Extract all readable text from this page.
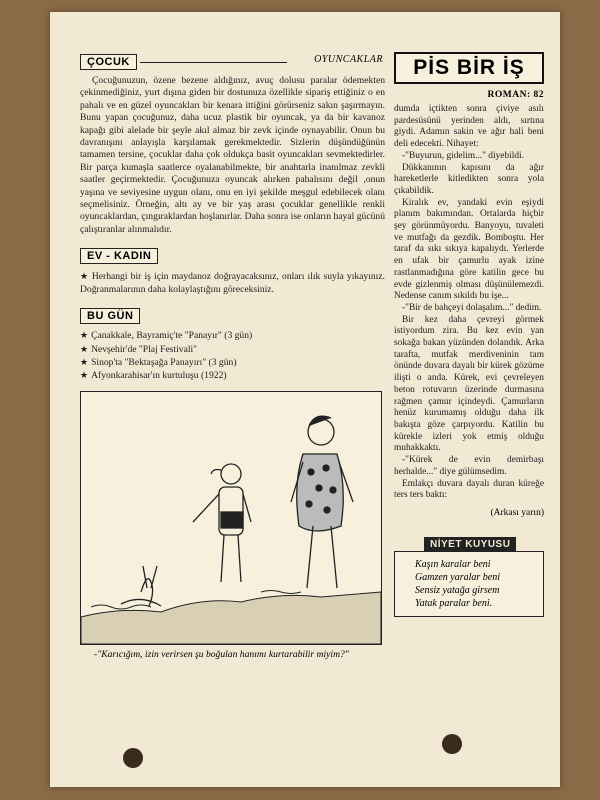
ÇOCUK	OYUNCAKLAR

Çocuğunuzun, özene bezene aldığınız, avuç dolusu paralar ödemekten çekinmediğiniz, yurt dışına giden bir dostunuza özellikle sipariş ettiğiniz o en pahalı ve en güzel oyuncakları bir kenara ittiğini görürseniz sakın şaşırmayın. Bunu yapan çocuğunuz, daha ucuz plastik bir oyuncak, ya da bir kavanoz kapağı gibi alelade bir şeyle akıl almaz bir zevk içinde oynayabilir. Onun bu davranışını anlayışla karşılamak gerekmektedir. Sizlerin düşündüğünün tamamen tersine, çocuklar daha çok oldukça basit oyuncakları sevmektedirler. Bir parça kumaşla saatlerce oyalanabilmekte, bir anahtarla inanılmaz zevkli saatler geçirmektedir. Çocuğunuza oyuncak alırken pahalısını değil ,onun yaşına ve seviyesine uygun olanı, onu en iyi şekilde meşgul edebilecek olanı seçmelisiniz. Örneğin, altı ay ve bir yaş arası çocuklar genellikle renkli oyuncaklardan, çıngıraklardan hoşlanırlar. Daha sonra ise onların hayal gücünü çalıştıranlar alınmalıdır.

EV - KADIN

★ Herhangi bir iş için maydanoz doğrayacaksınız, onları ılık suyla yıkayınız. Doğranmalarının daha kolaylaştığını göreceksiniz.

BU GÜN
★ Çanakkale, Bayramiç'te "Panayır" (3 gün)
★ Nevşehir'de "Plaj Festivali"
★ Sinop'ta "Bektaşağa Panayırı" (3 gün)
★ Afyonkarahisar'ın kurtuluşu (1922)

-"Karıcığım, izin verirsen şu boğulan hanımı kurtarabilir miyim?"

PİS BİR İŞ
ROMAN: 82

dumda içtikten sonra çiviye asılı pardesüsünü yerinden aldı, sırtına giydi. Adamın sakin ve ağır hali beni deli edecekti. Nihayet:

-"Buyurun, gidelim..." diyebildi.

Dükkanının kapısını da ağır hareketlerle kitledikten sonra yola çıkabildik.

Kiralık ev, yandaki evin eşiydi planım bakımından. Ortalarda hiçbir şey görünmüyordu. Banyoyu, tuvaleti ve mutfağı da gezdik. Bomboştu. Her taraf da sıkı sıkıya kapalıydı. Yerlerde en ufak bir çamurlu ayak izine rastlanmadığına göre katilin gece bu evde gizlenmiş olması düşünülemezdi. Nedense canım sıkıldı bu işe...

-"Bir de bahçeyi dolaşalım..." dedim.

Bir kez daha çevreyi görmek istiyordum zira. Bu kez evin yan sokağa bakan yüzünden dolandık. Arka tarafta, mutfak merdiveninin tam önünde duvara dayalı bir kürek gözüme ilişti o anda. Kürek, evi çevreleyen beton rotuvarın üzerinde durmasına rağmen çamur içindeydi. Çamurların henüz kurumamış olduğu daha ilk bakışta göze çarpıyordu. Katilin bu kürekle izleri yok etmiş olduğu muhakkaktı.

-"Kürek de evin demirbaşı herhalde..." diye gülümsedim.

Emlakçı duvara dayalı duran küreğe ters ters baktı:

(Arkası yarın)
NİYET KUYUSU
Kaşın karalar beni
Gamzen yaralar beni
Sensiz yatağa girsem
Yatak paralar beni.
